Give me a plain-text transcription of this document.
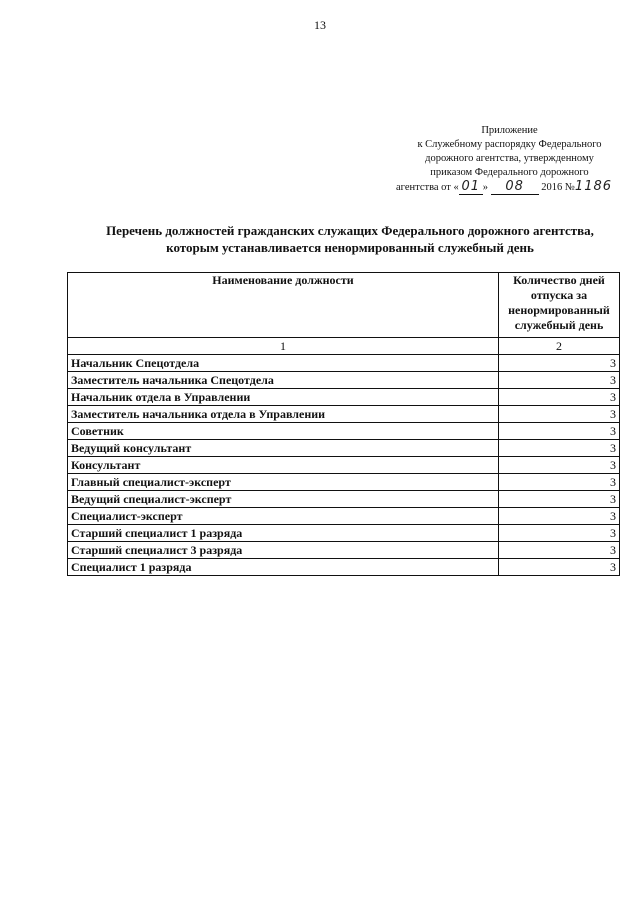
13
Приложение
к Служебному распорядку Федерального
дорожного агентства, утвержденному
приказом Федерального дорожного
агентства от « 01 » 08 2016 №1186
Перечень должностей гражданских служащих Федерального дорожного агентства,
которым устанавливается ненормированный служебный день
Наименование должности	Количество дней отпуска за ненормированный служебный день
1	2
Начальник Спецотдела	3
Заместитель начальника Спецотдела	3
Начальник отдела в Управлении	3
Заместитель начальника отдела в Управлении	3
Советник	3
Ведущий консультант	3
Консультант	3
Главный специалист-эксперт	3
Ведущий специалист-эксперт	3
Специалист-эксперт	3
Старший специалист 1 разряда	3
Старший специалист 3 разряда	3
Специалист 1 разряда	3
